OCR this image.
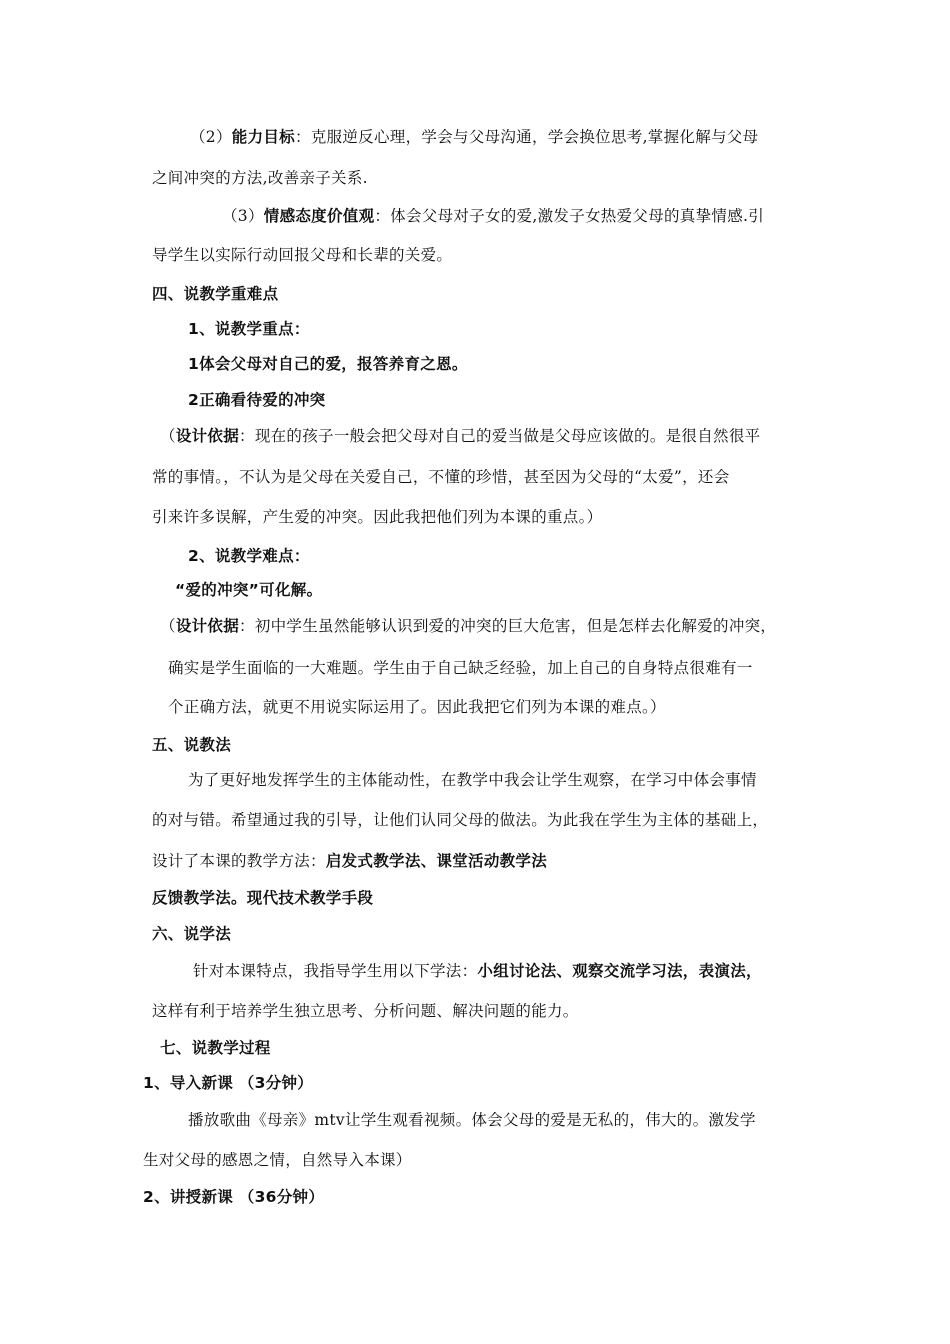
（2）能力目标：克服逆反心理，学会与父母沟通，学会换位思考,掌握化解与父母
之间冲突的方法,改善亲子关系.
（3）情感态度价值观：体会父母对子女的爱,激发子女热爱父母的真挚情感.引
导学生以实际行动回报父母和长辈的关爱。
四、说教学重难点
1、说教学重点：
1体会父母对自己的爱，报答养育之恩。
2正确看待爱的冲突
（设计依据：现在的孩子一般会把父母对自己的爱当做是父母应该做的。是很自然很平
常的事情。，不认为是父母在关爱自己，不懂的珍惜，甚至因为父母的“太爱”，还会
引来许多误解，产生爱的冲突。因此我把他们列为本课的重点。）
2、说教学难点：
“爱的冲突”可化解。
（设计依据：初中学生虽然能够认识到爱的冲突的巨大危害，但是怎样去化解爱的冲突，
确实是学生面临的一大难题。学生由于自己缺乏经验，加上自己的自身特点很难有一
个正确方法，就更不用说实际运用了。因此我把它们列为本课的难点。）
五、说教法
为了更好地发挥学生的主体能动性，在教学中我会让学生观察，在学习中体会事情
的对与错。希望通过我的引导，让他们认同父母的做法。为此我在学生为主体的基础上，
设计了本课的教学方法：启发式教学法、课堂活动教学法
反馈教学法。现代技术教学手段
六、说学法
针对本课特点，我指导学生用以下学法：小组讨论法、观察交流学习法，表演法，
这样有利于培养学生独立思考、分析问题、解决问题的能力。
七、说教学过程
1、导入新课 （3分钟）
播放歌曲《母亲》mtv让学生观看视频。体会父母的爱是无私的，伟大的。激发学
生对父母的感恩之情，自然导入本课）
2、讲授新课 （36分钟）
